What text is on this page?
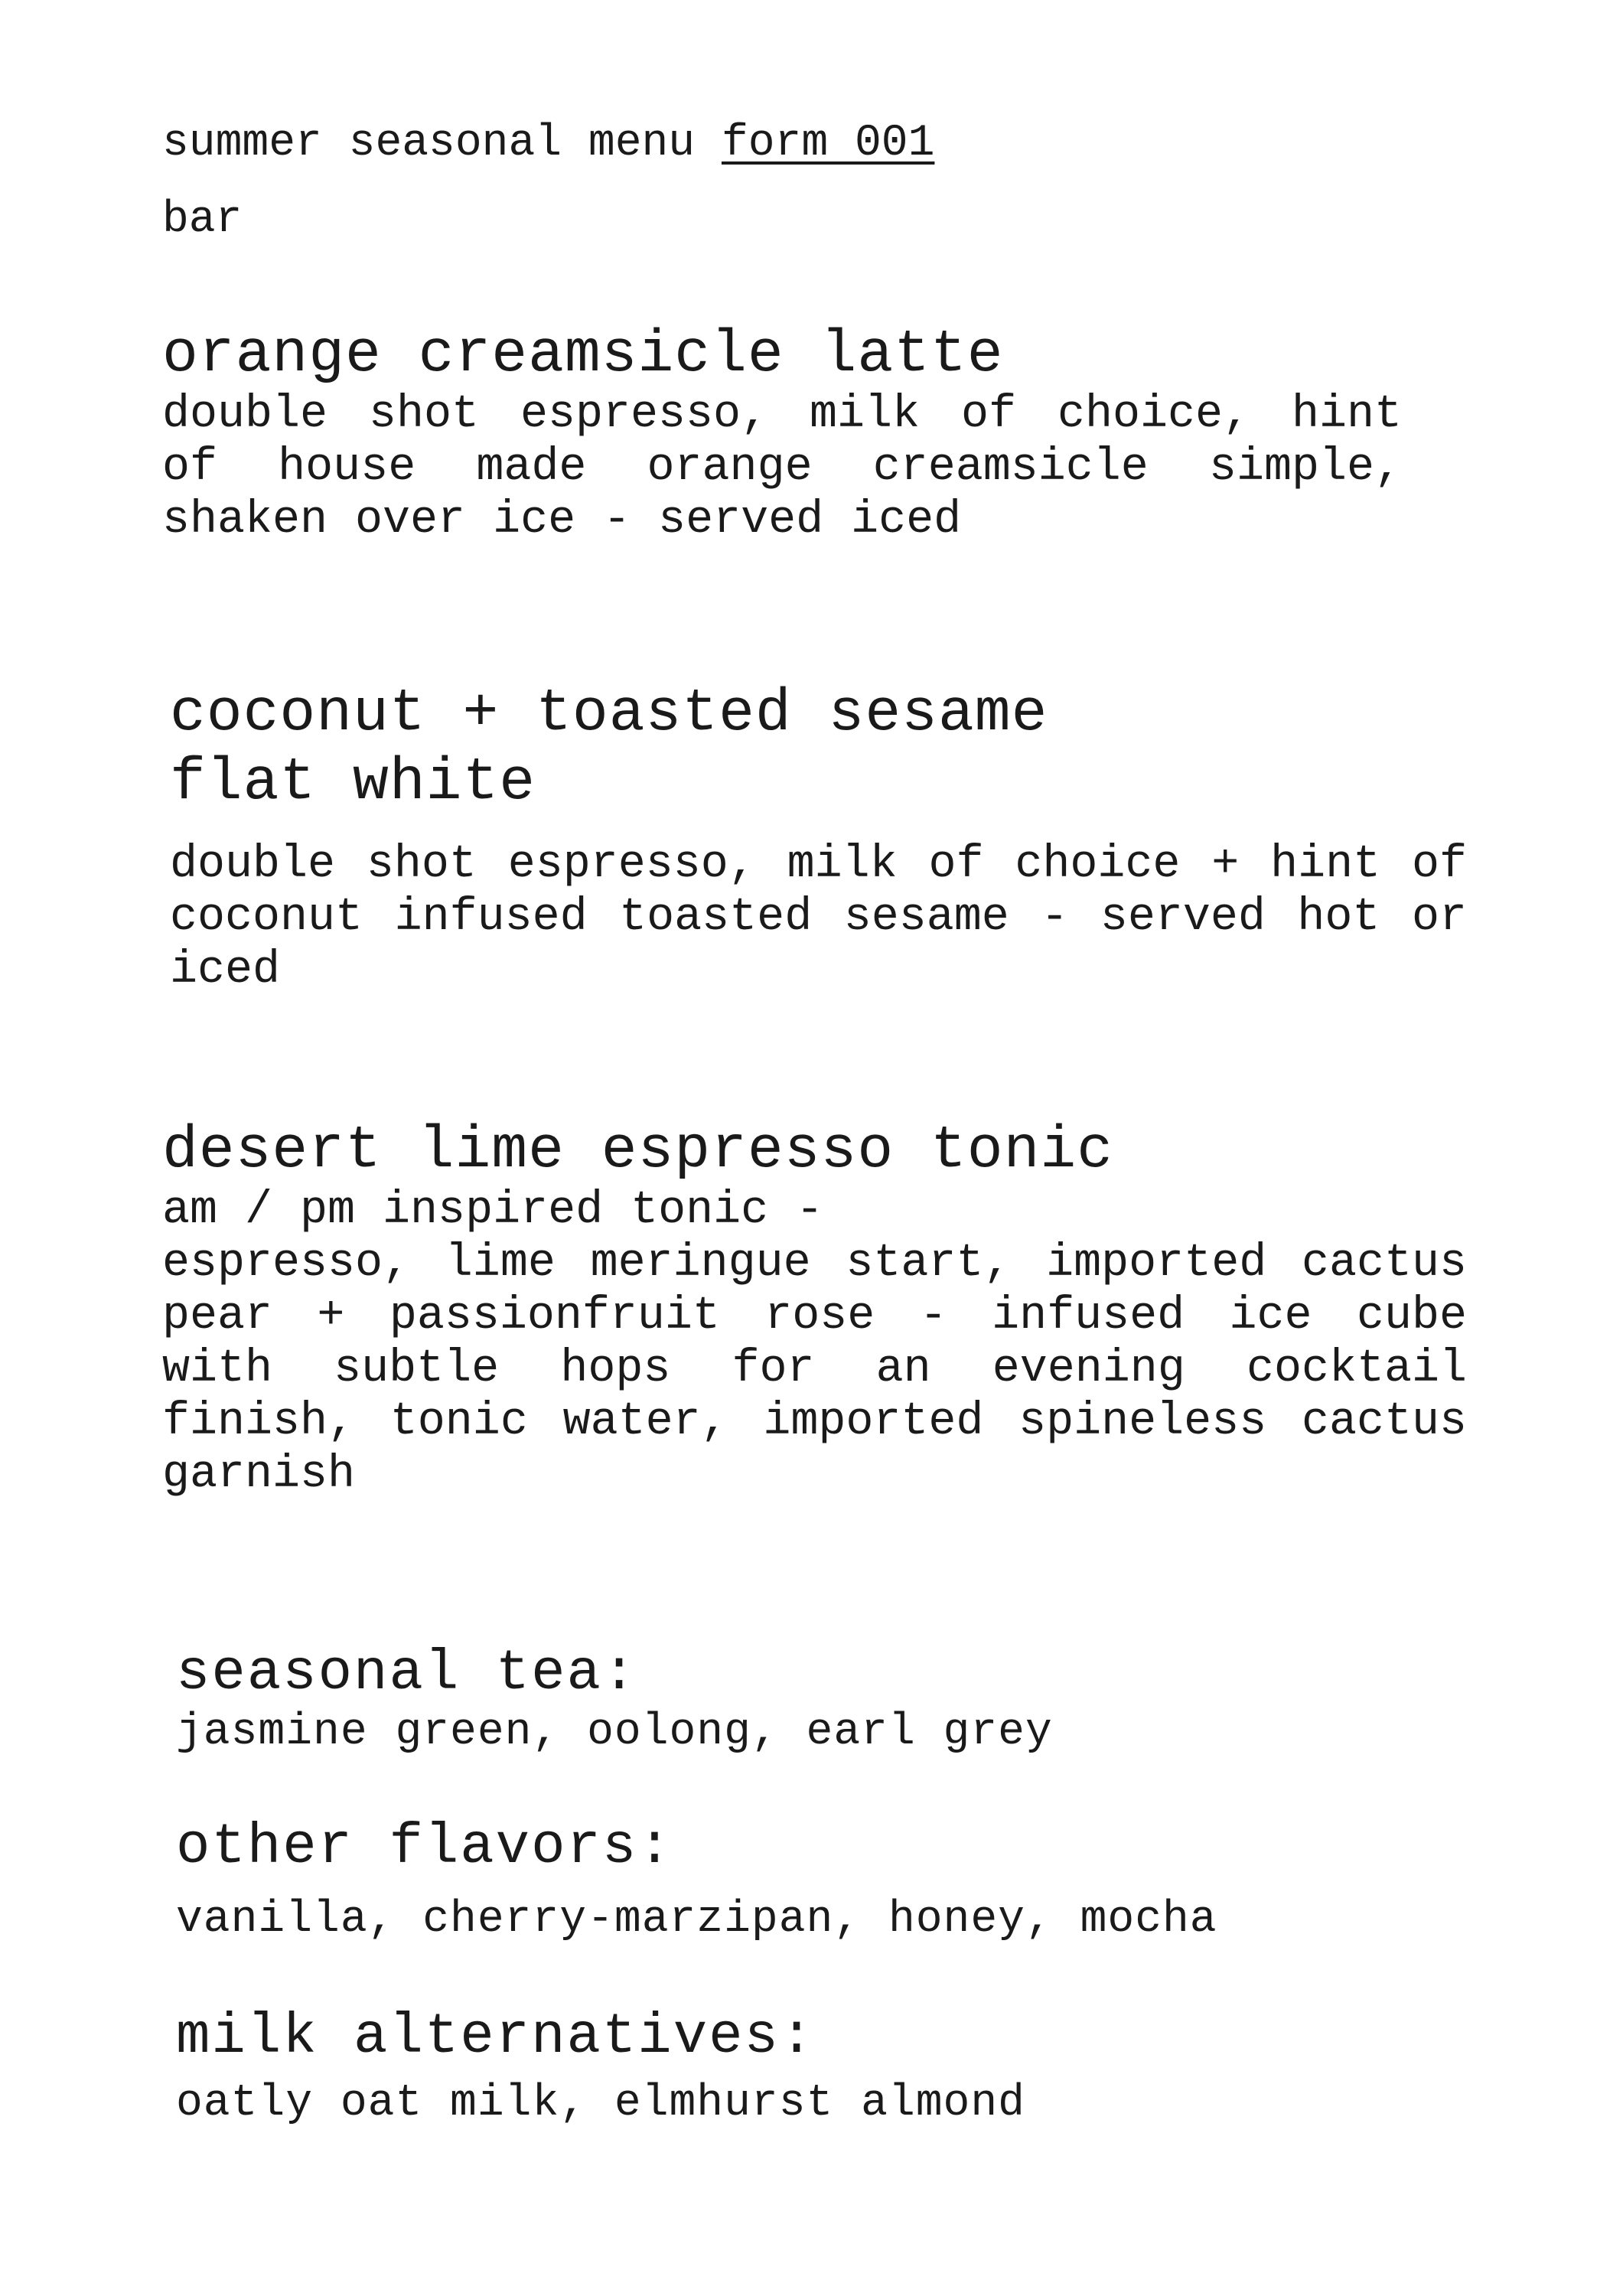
summer seasonal menu form 001
bar
orange creamsicle latte

double shot espresso, milk of choice, hint of house made orange creamsicle simple, shaken over ice - served iced

coconut + toasted sesame
flat white

double shot espresso, milk of choice + hint of coconut infused toasted sesame - served hot or iced

desert lime espresso tonic

am / pm inspired tonic -

espresso, lime meringue start, imported cactus pear + passionfruit rose - infused ice cube with subtle hops for an evening cocktail finish, tonic water, imported spineless cactus garnish

seasonal tea:

jasmine green, oolong, earl grey

other flavors:

vanilla, cherry-marzipan, honey, mocha

milk alternatives:

oatly oat milk, elmhurst almond
